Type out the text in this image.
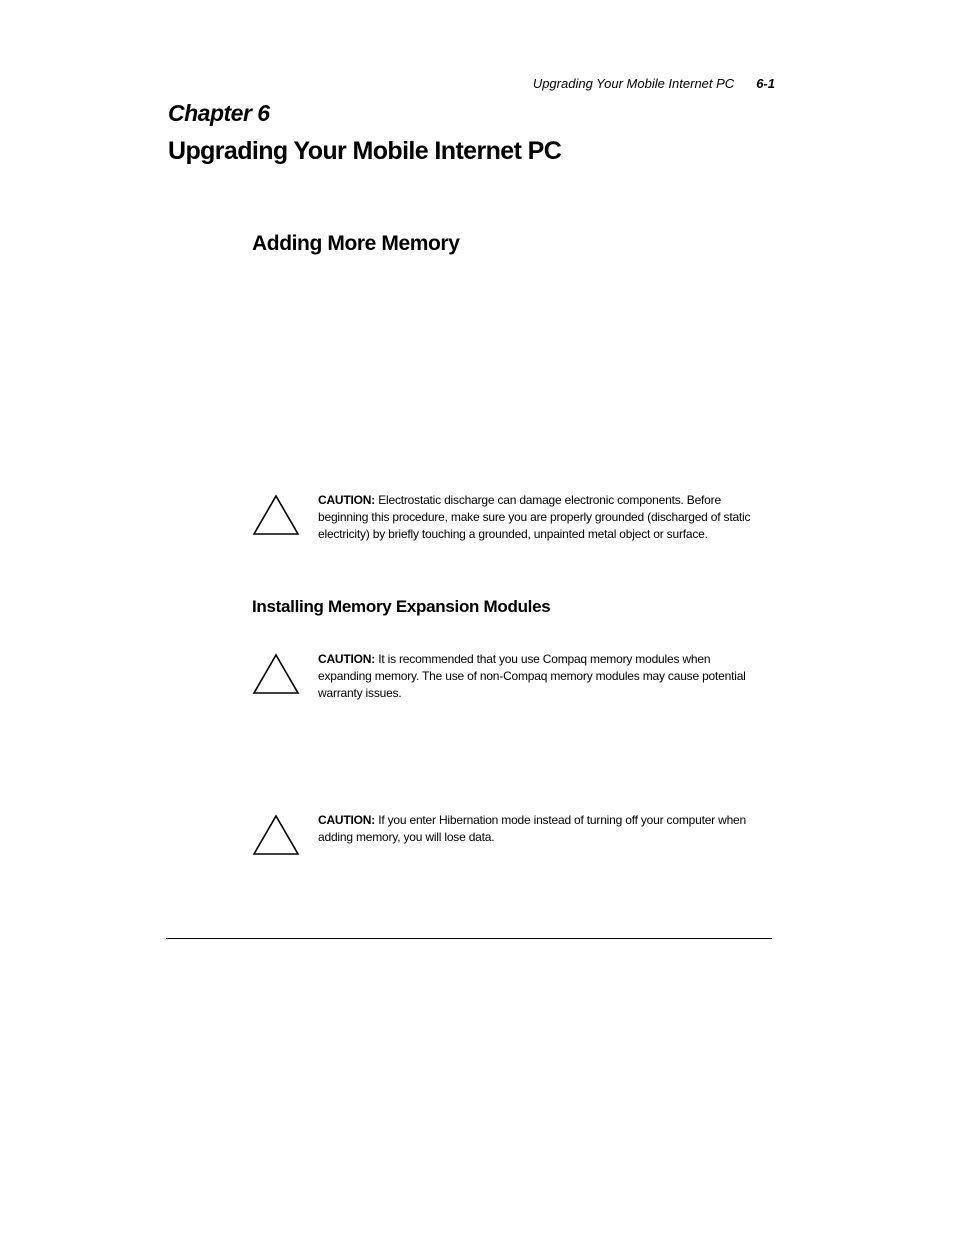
Upgrading Your Mobile Internet PC 6-1
Chapter 6
Upgrading Your Mobile Internet PC
Adding More Memory
CAUTION: Electrostatic discharge can damage electronic components. Before beginning this procedure, make sure you are properly grounded (discharged of static electricity) by briefly touching a grounded, unpainted metal object or surface.
Installing Memory Expansion Modules
CAUTION: It is recommended that you use Compaq memory modules when expanding memory. The use of non-Compaq memory modules may cause potential warranty issues.
CAUTION: If you enter Hibernation mode instead of turning off your computer when adding memory, you will lose data.
